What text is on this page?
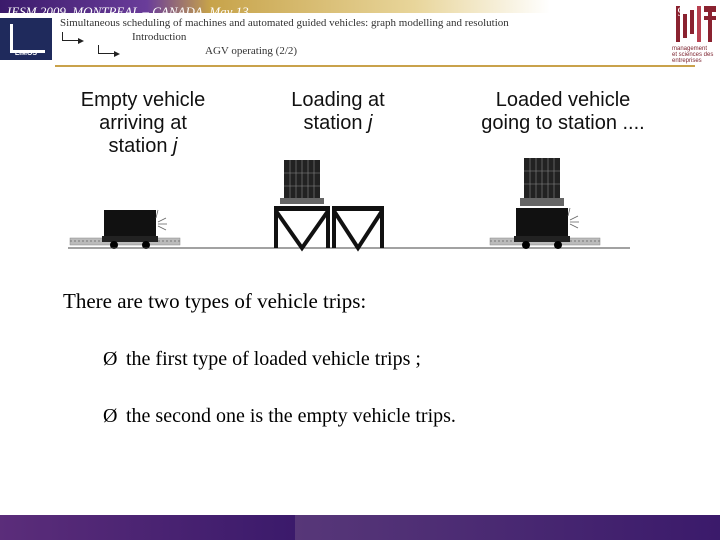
LIMOS
Simultaneous scheduling of machines and automated guided vehicles: graph modelling and resolution
Introduction
AGV operating (2/2)	management
et sciences des
entreprises
Empty vehicle
arriving at
station j
Loading at
station j
Loaded vehicle
going to station ....
There are two types of vehicle trips:
Ø the first type of loaded vehicle trips ;
Ø the second one is the empty vehicle trips.
IESM 2009, MONTREAL – CANADA, May 13	TR 9
